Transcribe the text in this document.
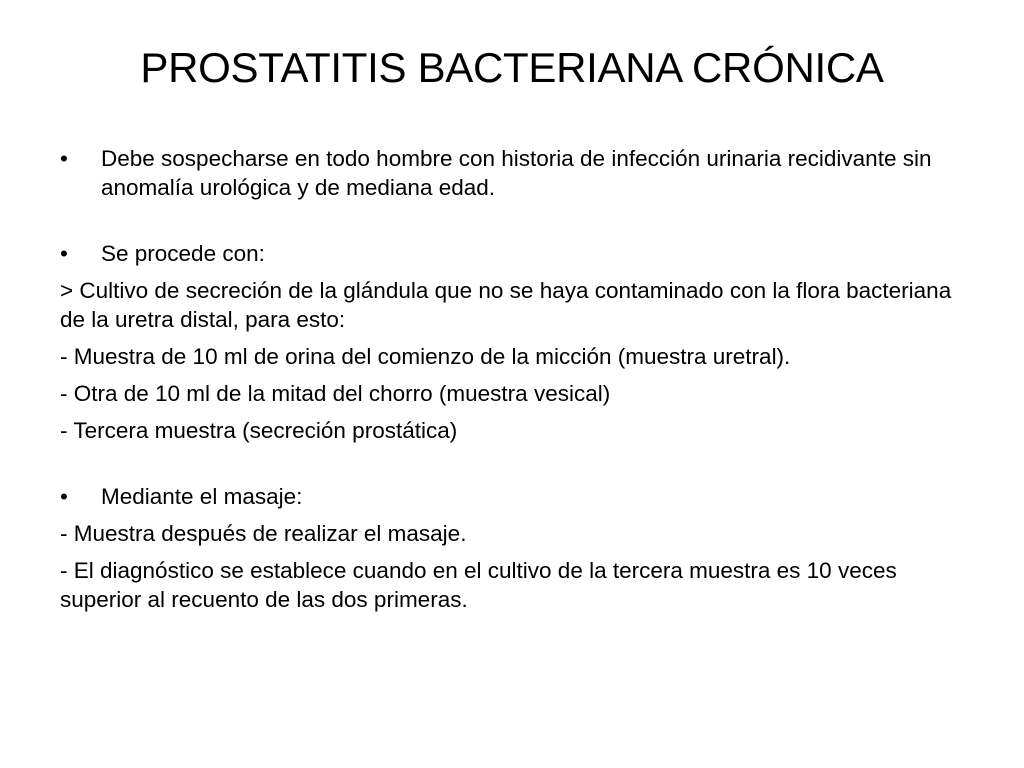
PROSTATITIS BACTERIANA CRÓNICA

•	Debe sospecharse en todo hombre con historia de infección urinaria recidivante sin anomalía urológica y de mediana edad.

•	Se procede con:

> Cultivo de secreción de la glándula que no se haya contaminado con la flora bacteriana de la uretra distal, para esto:

- Muestra de 10 ml de orina del comienzo de la micción (muestra uretral).

- Otra de 10 ml de la mitad del chorro (muestra vesical)

- Tercera muestra (secreción prostática)

•	Mediante el masaje:

- Muestra después de realizar el masaje.

- El diagnóstico se establece cuando en el cultivo de la tercera muestra es 10 veces superior al recuento de las dos primeras.
